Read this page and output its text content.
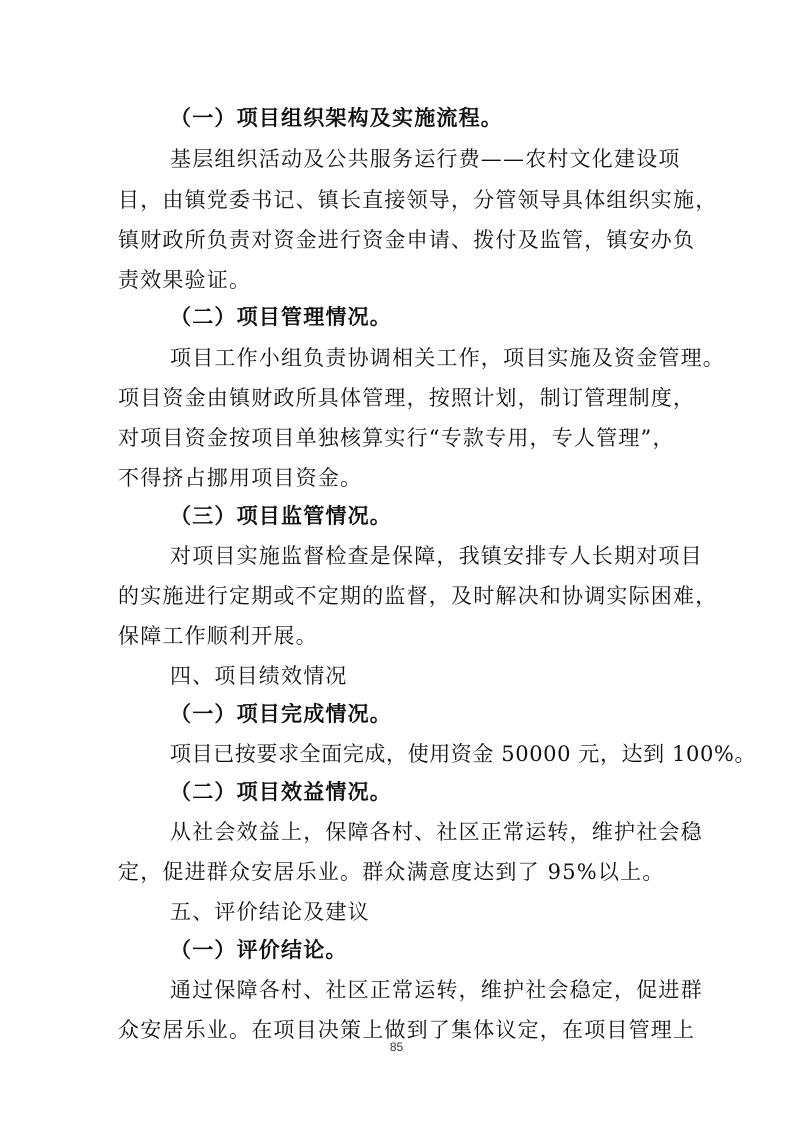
（一）项目组织架构及实施流程。
基层组织活动及公共服务运行费——农村文化建设项
目，由镇党委书记、镇长直接领导，分管领导具体组织实施，
镇财政所负责对资金进行资金申请、拨付及监管，镇安办负
责效果验证。
（二）项目管理情况。
项目工作小组负责协调相关工作，项目实施及资金管理。
项目资金由镇财政所具体管理，按照计划，制订管理制度，
对项目资金按项目单独核算实行“专款专用，专人管理”，
不得挤占挪用项目资金。
（三）项目监管情况。
对项目实施监督检查是保障，我镇安排专人长期对项目
的实施进行定期或不定期的监督，及时解决和协调实际困难，
保障工作顺利开展。
四、项目绩效情况
（一）项目完成情况。
项目已按要求全面完成，使用资金 50000 元，达到 100%。
（二）项目效益情况。
从社会效益上，保障各村、社区正常运转，维护社会稳
定，促进群众安居乐业。群众满意度达到了 95%以上。
五、评价结论及建议
（一）评价结论。
通过保障各村、社区正常运转，维护社会稳定，促进群
众安居乐业。在项目决策上做到了集体议定，在项目管理上
85
